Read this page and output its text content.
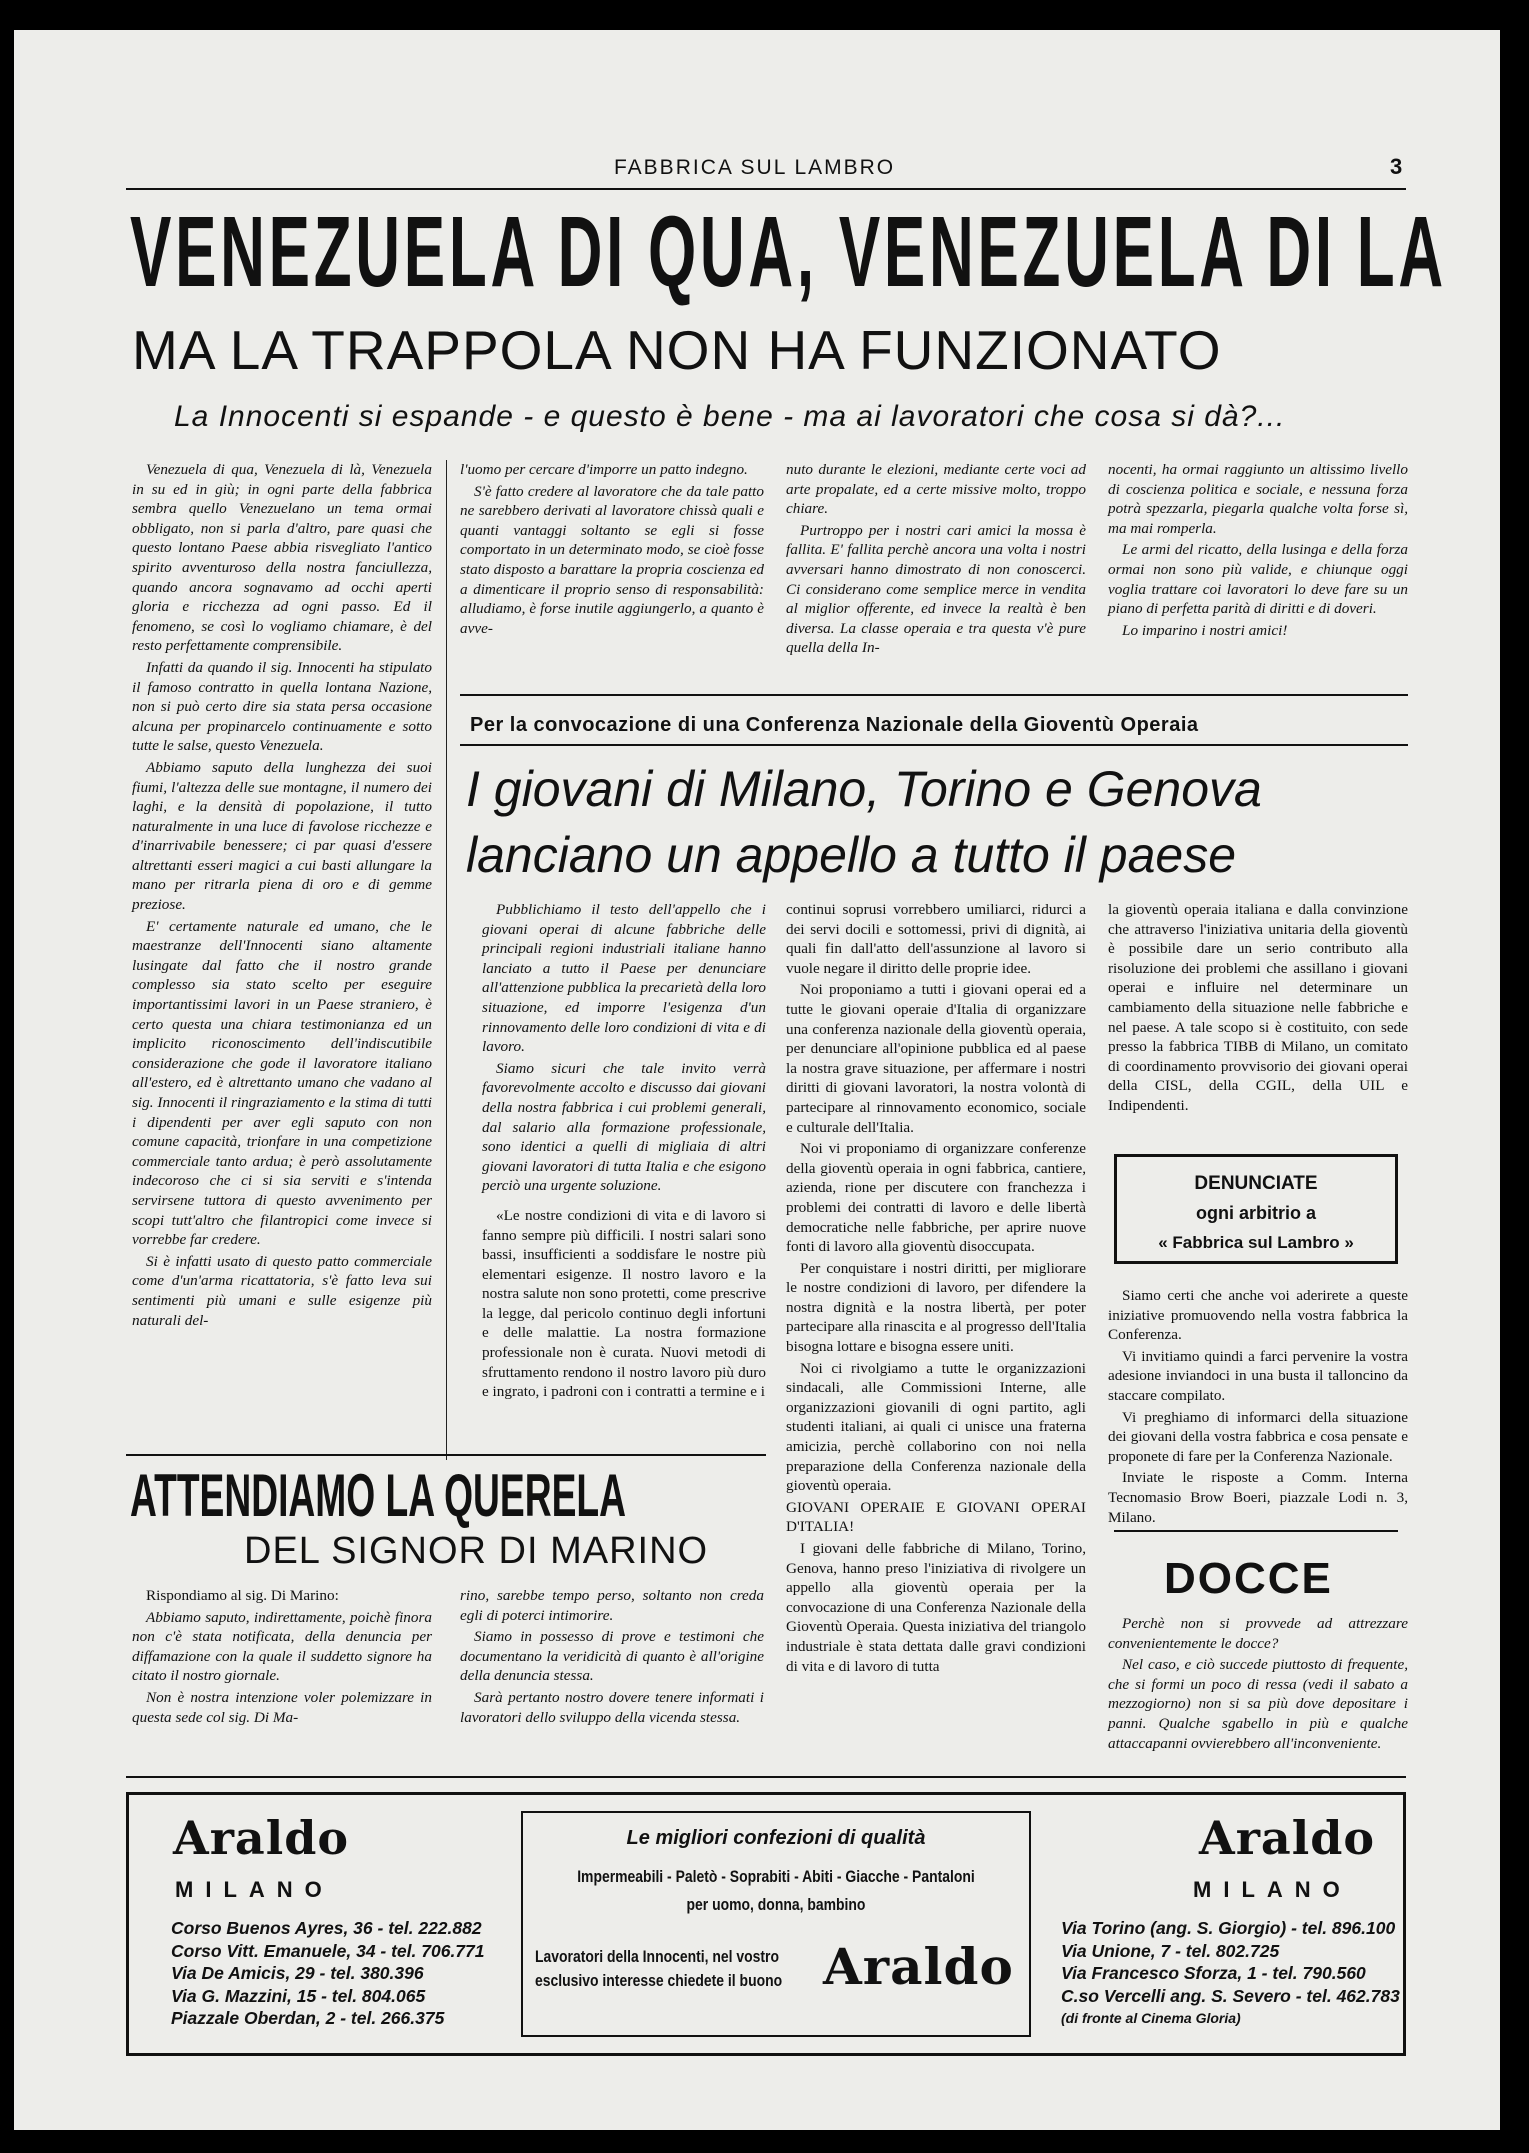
FABBRICA SUL LAMBRO	3
VENEZUELA DI QUA, VENEZUELA DI LA
MA LA TRAPPOLA NON HA FUNZIONATO
La Innocenti si espande - e questo è bene - ma ai lavoratori che cosa si dà?...

Venezuela di qua, Venezuela di là, Venezuela in su ed in giù; in ogni parte della fabbrica sembra quello Venezuelano un tema ormai obbligato, non si parla d'altro, pare quasi che questo lontano Paese abbia risvegliato l'antico spirito avventuroso della nostra fanciullezza, quando ancora sognavamo ad occhi aperti gloria e ricchezza ad ogni passo. Ed il fenomeno, se così lo vogliamo chiamare, è del resto perfettamente comprensibile.

Infatti da quando il sig. Innocenti ha stipulato il famoso contratto in quella lontana Nazione, non si può certo dire sia stata persa occasione alcuna per propinarcelo continuamente e sotto tutte le salse, questo Venezuela.

Abbiamo saputo della lunghezza dei suoi fiumi, l'altezza delle sue montagne, il numero dei laghi, e la densità di popolazione, il tutto naturalmente in una luce di favolose ricchezze e d'inarrivabile benessere; ci par quasi d'essere altrettanti esseri magici a cui basti allungare la mano per ritrarla piena di oro e di gemme preziose.

E' certamente naturale ed umano, che le maestranze dell'Innocenti siano altamente lusingate dal fatto che il nostro grande complesso sia stato scelto per eseguire importantissimi lavori in un Paese straniero, è certo questa una chiara testimonianza ed un implicito riconoscimento dell'indiscutibile considerazione che gode il lavoratore italiano all'estero, ed è altrettanto umano che vadano al sig. Innocenti il ringraziamento e la stima di tutti i dipendenti per aver egli saputo con non comune capacità, trionfare in una competizione commerciale tanto ardua; è però assolutamente indecoroso che ci si sia serviti e s'intenda servirsene tuttora di questo avvenimento per scopi tutt'altro che filantropici come invece si vorrebbe far credere.

Si è infatti usato di questo patto commerciale come d'un'arma ricattatoria, s'è fatto leva sui sentimenti più umani e sulle esigenze più naturali del-

l'uomo per cercare d'imporre un patto indegno.

S'è fatto credere al lavoratore che da tale patto ne sarebbero derivati al lavoratore chissà quali e quanti vantaggi soltanto se egli si fosse comportato in un determinato modo, se cioè fosse stato disposto a barattare la propria coscienza ed a dimenticare il proprio senso di responsabilità: alludiamo, è forse inutile aggiungerlo, a quanto è avve-

nuto durante le elezioni, mediante certe voci ad arte propalate, ed a certe missive molto, troppo chiare.

Purtroppo per i nostri cari amici la mossa è fallita. E' fallita perchè ancora una volta i nostri avversari hanno dimostrato di non conoscerci. Ci considerano come semplice merce in vendita al miglior offerente, ed invece la realtà è ben diversa. La classe operaia e tra questa v'è pure quella della In-

nocenti, ha ormai raggiunto un altissimo livello di coscienza politica e sociale, e nessuna forza potrà spezzarla, piegarla qualche volta forse sì, ma mai romperla.

Le armi del ricatto, della lusinga e della forza ormai non sono più valide, e chiunque oggi voglia trattare coi lavoratori lo deve fare su un piano di perfetta parità di diritti e di doveri.

Lo imparino i nostri amici!

Per la convocazione di una Conferenza Nazionale della Gioventù Operaia
I giovani di Milano, Torino e Genova
lanciano un appello a tutto il paese

Pubblichiamo il testo dell'appello che i giovani operai di alcune fabbriche delle principali regioni industriali italiane hanno lanciato a tutto il Paese per denunciare all'attenzione pubblica la precarietà della loro situazione, ed imporre l'esigenza d'un rinnovamento delle loro condizioni di vita e di lavoro.

Siamo sicuri che tale invito verrà favorevolmente accolto e discusso dai giovani della nostra fabbrica i cui problemi generali, dal salario alla formazione professionale, sono identici a quelli di migliaia di altri giovani lavoratori di tutta Italia e che esigono perciò una urgente soluzione.

«Le nostre condizioni di vita e di lavoro si fanno sempre più difficili. I nostri salari sono bassi, insufficienti a soddisfare le nostre più elementari esigenze. Il nostro lavoro e la nostra salute non sono protetti, come prescrive la legge, dal pericolo continuo degli infortuni e delle malattie. La nostra formazione professionale non è curata. Nuovi metodi di sfruttamento rendono il nostro lavoro più duro e ingrato, i padroni con i contratti a termine e i

continui soprusi vorrebbero umiliarci, ridurci a dei servi docili e sottomessi, privi di dignità, ai quali fin dall'atto dell'assunzione al lavoro si vuole negare il diritto delle proprie idee.

Noi proponiamo a tutti i giovani operai ed a tutte le giovani operaie d'Italia di organizzare una conferenza nazionale della gioventù operaia, per denunciare all'opinione pubblica ed al paese la nostra grave situazione, per affermare i nostri diritti di giovani lavoratori, la nostra volontà di partecipare al rinnovamento economico, sociale e culturale dell'Italia.

Noi vi proponiamo di organizzare conferenze della gioventù operaia in ogni fabbrica, cantiere, azienda, rione per discutere con franchezza i problemi dei contratti di lavoro e delle libertà democratiche nelle fabbriche, per aprire nuove fonti di lavoro alla gioventù disoccupata.

Per conquistare i nostri diritti, per migliorare le nostre condizioni di lavoro, per difendere la nostra dignità e la nostra libertà, per poter partecipare alla rinascita e al progresso dell'Italia bisogna lottare e bisogna essere uniti.

Noi ci rivolgiamo a tutte le organizzazioni sindacali, alle Commissioni Interne, alle organizzazioni giovanili di ogni partito, agli studenti italiani, ai quali ci unisce una fraterna amicizia, perchè collaborino con noi nella preparazione della Conferenza nazionale della gioventù operaia.

GIOVANI OPERAIE E GIOVANI OPERAI D'ITALIA!

I giovani delle fabbriche di Milano, Torino, Genova, hanno preso l'iniziativa di rivolgere un appello alla gioventù operaia per la convocazione di una Conferenza Nazionale della Gioventù Operaia. Questa iniziativa del triangolo industriale è stata dettata dalle gravi condizioni di vita e di lavoro di tutta

la gioventù operaia italiana e dalla convinzione che attraverso l'iniziativa unitaria della gioventù è possibile dare un serio contributo alla risoluzione dei problemi che assillano i giovani operai e influire nel determinare un cambiamento della situazione nelle fabbriche e nel paese. A tale scopo si è costituito, con sede presso la fabbrica TIBB di Milano, un comitato di coordinamento provvisorio dei giovani operai della CISL, della CGIL, della UIL e Indipendenti.

DENUNCIATE
ogni arbitrio a
« Fabbrica sul Lambro »

Siamo certi che anche voi aderirete a queste iniziative promuovendo nella vostra fabbrica la Conferenza.

Vi invitiamo quindi a farci pervenire la vostra adesione inviandoci in una busta il talloncino da staccare compilato.

Vi preghiamo di informarci della situazione dei giovani della vostra fabbrica e cosa pensate e proponete di fare per la Conferenza Nazionale.

Inviate le risposte a Comm. Interna Tecnomasio Brow Boeri, piazzale Lodi n. 3, Milano.

DOCCE

Perchè non si provvede ad attrezzare convenientemente le docce?

Nel caso, e ciò succede piuttosto di frequente, che si formi un poco di ressa (vedi il sabato a mezzogiorno) non si sa più dove depositare i panni. Qualche sgabello in più e qualche attaccapanni ovvierebbero all'inconveniente.

ATTENDIAMO LA QUERELA
DEL SIGNOR DI MARINO

Rispondiamo al sig. Di Marino:

Abbiamo saputo, indirettamente, poichè finora non c'è stata notificata, della denuncia per diffamazione con la quale il suddetto signore ha citato il nostro giornale.

Non è nostra intenzione voler polemizzare in questa sede col sig. Di Ma-

rino, sarebbe tempo perso, soltanto non creda egli di poterci intimorire.

Siamo in possesso di prove e testimoni che documentano la veridicità di quanto è all'origine della denuncia stessa.

Sarà pertanto nostro dovere tenere informati i lavoratori dello sviluppo della vicenda stessa.

Araldo
MILANO
Corso Buenos Ayres, 36 - tel. 222.882
Corso Vitt. Emanuele, 34 - tel. 706.771
Via De Amicis, 29 - tel. 380.396
Via G. Mazzini, 15 - tel. 804.065
Piazzale Oberdan, 2 - tel. 266.375
Le migliori confezioni di qualità
Impermeabili - Paletò - Soprabiti - Abiti - Giacche - Pantaloni
per uomo, donna, bambino
Lavoratori della Innocenti, nel vostro
esclusivo interesse chiedete il buono Araldo
Araldo
MILANO
Via Torino (ang. S. Giorgio) - tel. 896.100
Via Unione, 7 - tel. 802.725
Via Francesco Sforza, 1 - tel. 790.560
C.so Vercelli ang. S. Severo - tel. 462.783
(di fronte al Cinema Gloria)
